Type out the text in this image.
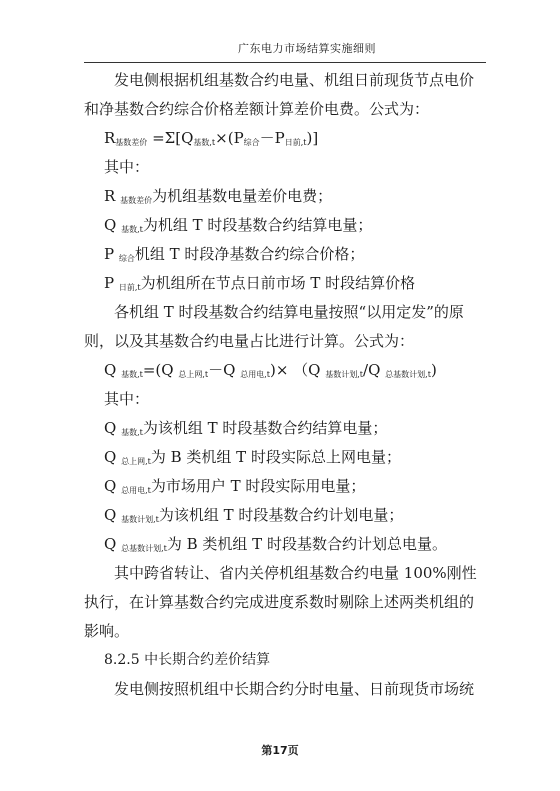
广东电力市场结算实施细则
发电侧根据机组基数合约电量、机组日前现货节点电价
和净基数合约综合价格差额计算差价电费。公式为：
$R_{基数差价} =\Sigma[Q_{基数,t}\times(P_{综合}-P_{日前,t})]$
其中：
R $_{基数差价}$为机组基数电量差价电费；
Q $_{基数,t}$为机组 T 时段基数合约结算电量；
P $_{综合}$机组 T 时段净基数合约综合价格；
P $_{日前,t}$为机组所在节点日前市场 T 时段结算价格
各机组 T 时段基数合约结算电量按照“以用定发”的原
则，以及其基数合约电量占比进行计算。公式为：
Q $_{基数,t}$=(Q $_{总上网,t}$－Q $_{总用电,t}$)× （Q $_{基数计划,t}$/Q $_{总基数计划,t}$)
其中：
Q $_{基数,t}$为该机组 T 时段基数合约结算电量；
Q $_{总上网,t}$为 B 类机组 T 时段实际总上网电量；
Q $_{总用电,t}$为市场用户 T 时段实际用电量；
Q $_{基数计划,t}$为该机组 T 时段基数合约计划电量；
Q $_{总基数计划,t}$为 B 类机组 T 时段基数合约计划总电量。
其中跨省转让、省内关停机组基数合约电量 100%刚性
执行，在计算基数合约完成进度系数时剔除上述两类机组的
影响。
8.2.5 中长期合约差价结算
发电侧按照机组中长期合约分时电量、日前现货市场统
第17页
